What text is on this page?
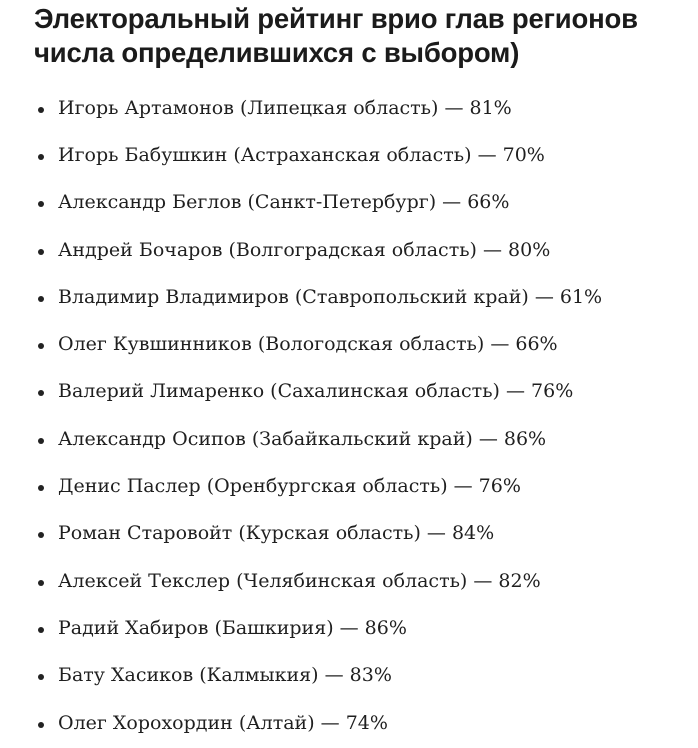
Электоральный рейтинг врио глав регионов
числа определившихся с выбором)
Игорь Артамонов (Липецкая область) — 81%
Игорь Бабушкин (Астраханская область) — 70%
Александр Беглов (Санкт-Петербург) — 66%
Андрей Бочаров (Волгоградская область) — 80%
Владимир Владимиров (Ставропольский край) — 61%
Олег Кувшинников (Вологодская область) — 66%
Валерий Лимаренко (Сахалинская область) — 76%
Александр Осипов (Забайкальский край) — 86%
Денис Паслер (Оренбургская область) — 76%
Роман Старовойт (Курская область) — 84%
Алексей Текслер (Челябинская область) — 82%
Радий Хабиров (Башкирия) — 86%
Бату Хасиков (Калмыкия) — 83%
Олег Хорохордин (Алтай) — 74%
